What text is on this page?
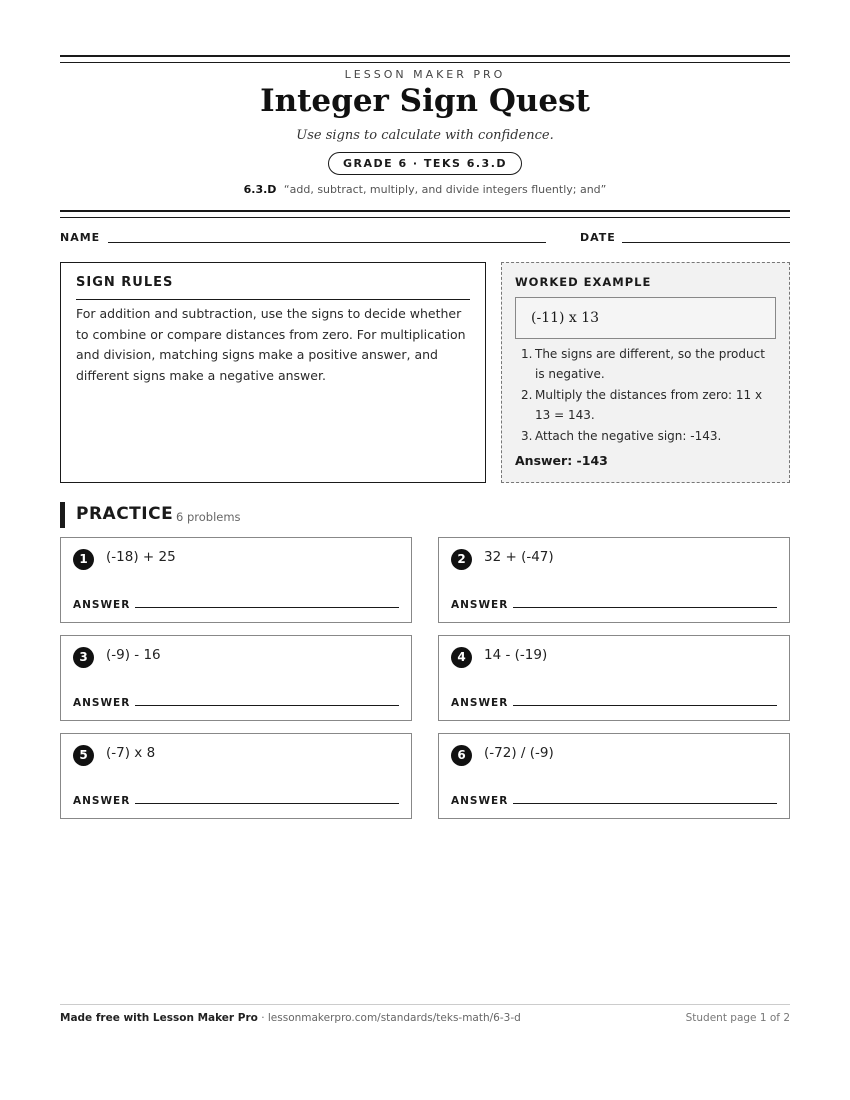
LESSON MAKER PRO
Integer Sign Quest
Use signs to calculate with confidence.
GRADE 6 · TEKS 6.3.D
6.3.D “add, subtract, multiply, and divide integers fluently; and”
NAME	DATE
SIGN RULES
For addition and subtraction, use the signs to decide whether to combine or compare distances from zero. For multiplication and division, matching signs make a positive answer, and different signs make a negative answer.
WORKED EXAMPLE
(-11) x 13
1. The signs are different, so the product is negative.
2. Multiply the distances from zero: 11 x 13 = 143.
3. Attach the negative sign: -143.
Answer: -143
PRACTICE 6 problems
1	(-18) + 25
ANSWER
2	32 + (-47)
ANSWER
3	(-9) - 16
ANSWER
4	14 - (-19)
ANSWER
5	(-7) x 8
ANSWER
6	(-72) / (-9)
ANSWER
Made free with Lesson Maker Pro · lessonmakerpro.com/standards/teks-math/6-3-d	Student page 1 of 2
